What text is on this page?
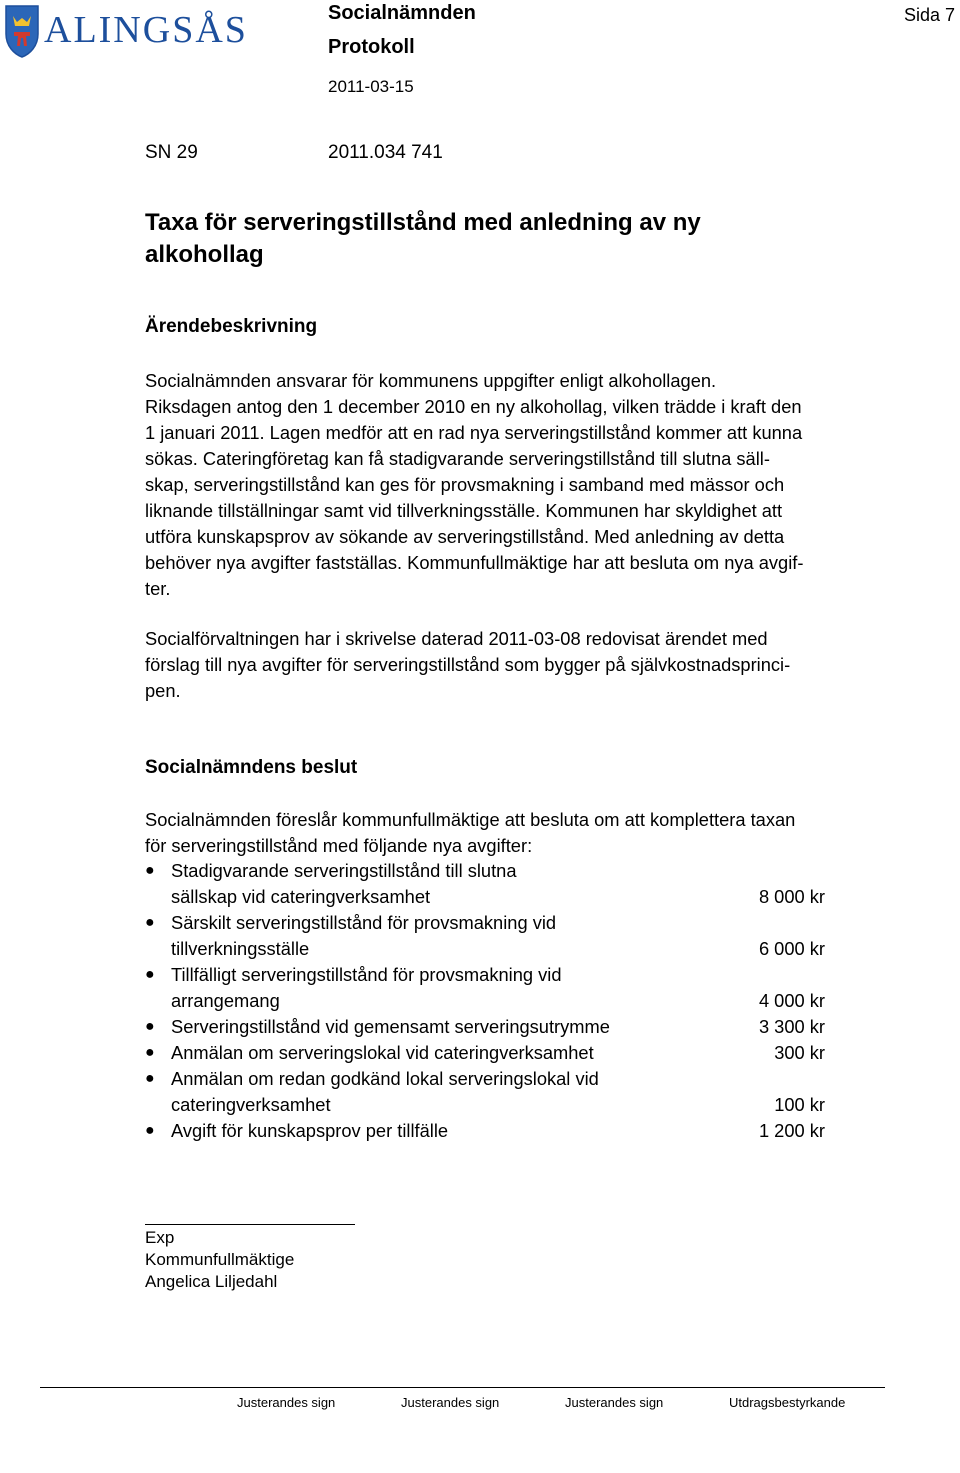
ALINGSÅS	Socialnämnden
Protokoll
2011-03-15
Sida 7
SN 29	2011.034 741
Taxa för serveringstillstånd med anledning av ny
alkohollag
Ärendebeskrivning

Socialnämnden ansvarar för kommunens uppgifter enligt alkohollagen.
Riksdagen antog den 1 december 2010 en ny alkohollag, vilken trädde i kraft den
1 januari 2011. Lagen medför att en rad nya serveringstillstånd kommer att kunna
sökas. Cateringföretag kan få stadigvarande serveringstillstånd till slutna säll-
skap, serveringstillstånd kan ges för provsmakning i samband med mässor och
liknande tillställningar samt vid tillverkningsställe. Kommunen har skyldighet att
utföra kunskapsprov av sökande av serveringstillstånd. Med anledning av detta
behöver nya avgifter fastställas. Kommunfullmäktige har att besluta om nya avgif-
ter.

Socialförvaltningen har i skrivelse daterad 2011-03-08 redovisat ärendet med
förslag till nya avgifter för serveringstillstånd som bygger på självkostnadsprinci-
pen.

Socialnämndens beslut

Socialnämnden föreslår kommunfullmäktige att besluta om att komplettera taxan
för serveringstillstånd med följande nya avgifter:

● Stadigvarande serveringstillstånd till slutna
sällskap vid cateringverksamhet	8 000 kr
● Särskilt serveringstillstånd för provsmakning vid
tillverkningsställe	6 000 kr
● Tillfälligt serveringstillstånd för provsmakning vid
arrangemang	4 000 kr
● Serveringstillstånd vid gemensamt serveringsutrymme	3 300 kr
● Anmälan om serveringslokal vid cateringverksamhet	300 kr
● Anmälan om redan godkänd lokal serveringslokal vid
cateringverksamhet	100 kr
● Avgift för kunskapsprov per tillfälle	1 200 kr
Exp
Kommunfullmäktige
Angelica Liljedahl
Justerandes sign	Justerandes sign	Justerandes sign	Utdragsbestyrkande
